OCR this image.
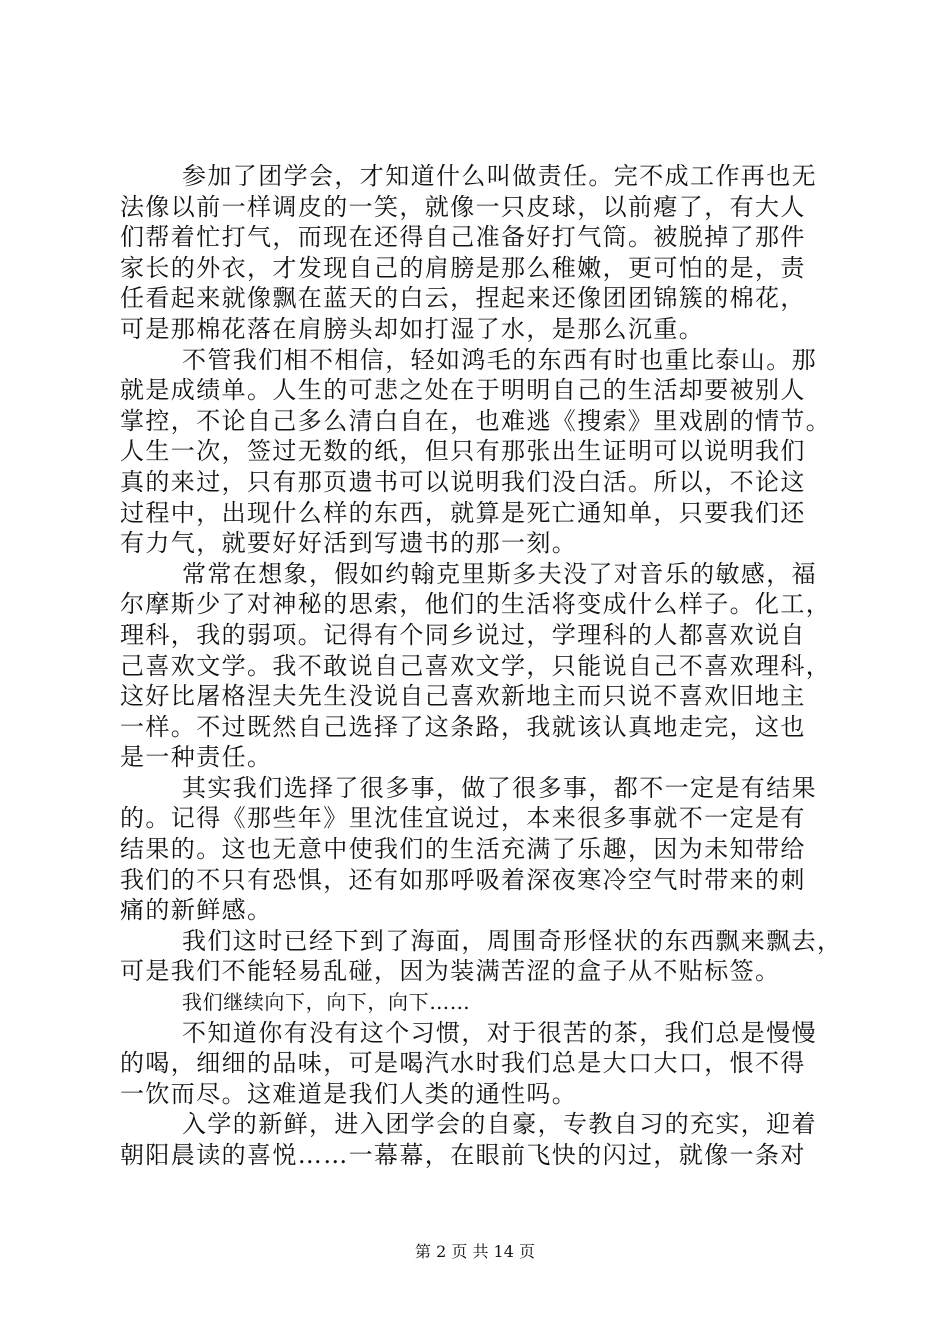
参加了团学会，才知道什么叫做责任。完不成工作再也无
法像以前一样调皮的一笑，就像一只皮球，以前瘪了，有大人
们帮着忙打气，而现在还得自己准备好打气筒。被脱掉了那件
家长的外衣，才发现自己的肩膀是那么稚嫩，更可怕的是，责
任看起来就像飘在蓝天的白云，捏起来还像团团锦簇的棉花，
可是那棉花落在肩膀头却如打湿了水，是那么沉重。
不管我们相不相信，轻如鸿毛的东西有时也重比泰山。那
就是成绩单。人生的可悲之处在于明明自己的生活却要被别人
掌控，不论自己多么清白自在，也难逃《搜索》里戏剧的情节。
人生一次，签过无数的纸，但只有那张出生证明可以说明我们
真的来过，只有那页遗书可以说明我们没白活。所以，不论这
过程中，出现什么样的东西，就算是死亡通知单，只要我们还
有力气，就要好好活到写遗书的那一刻。
常常在想象，假如约翰克里斯多夫没了对音乐的敏感，福
尔摩斯少了对神秘的思索，他们的生活将变成什么样子。化工，
理科，我的弱项。记得有个同乡说过，学理科的人都喜欢说自
己喜欢文学。我不敢说自己喜欢文学，只能说自己不喜欢理科，
这好比屠格涅夫先生没说自己喜欢新地主而只说不喜欢旧地主
一样。不过既然自己选择了这条路，我就该认真地走完，这也
是一种责任。
其实我们选择了很多事，做了很多事，都不一定是有结果
的。记得《那些年》里沈佳宜说过，本来很多事就不一定是有
结果的。这也无意中使我们的生活充满了乐趣，因为未知带给
我们的不只有恐惧，还有如那呼吸着深夜寒冷空气时带来的刺
痛的新鲜感。
我们这时已经下到了海面，周围奇形怪状的东西飘来飘去，
可是我们不能轻易乱碰，因为装满苦涩的盒子从不贴标签。
我们继续向下，向下，向下……
不知道你有没有这个习惯，对于很苦的茶，我们总是慢慢
的喝，细细的品味，可是喝汽水时我们总是大口大口，恨不得
一饮而尽。这难道是我们人类的通性吗。
入学的新鲜，进入团学会的自豪，专教自习的充实，迎着
朝阳晨读的喜悦……一幕幕，在眼前飞快的闪过，就像一条对
第 2 页 共 14 页
